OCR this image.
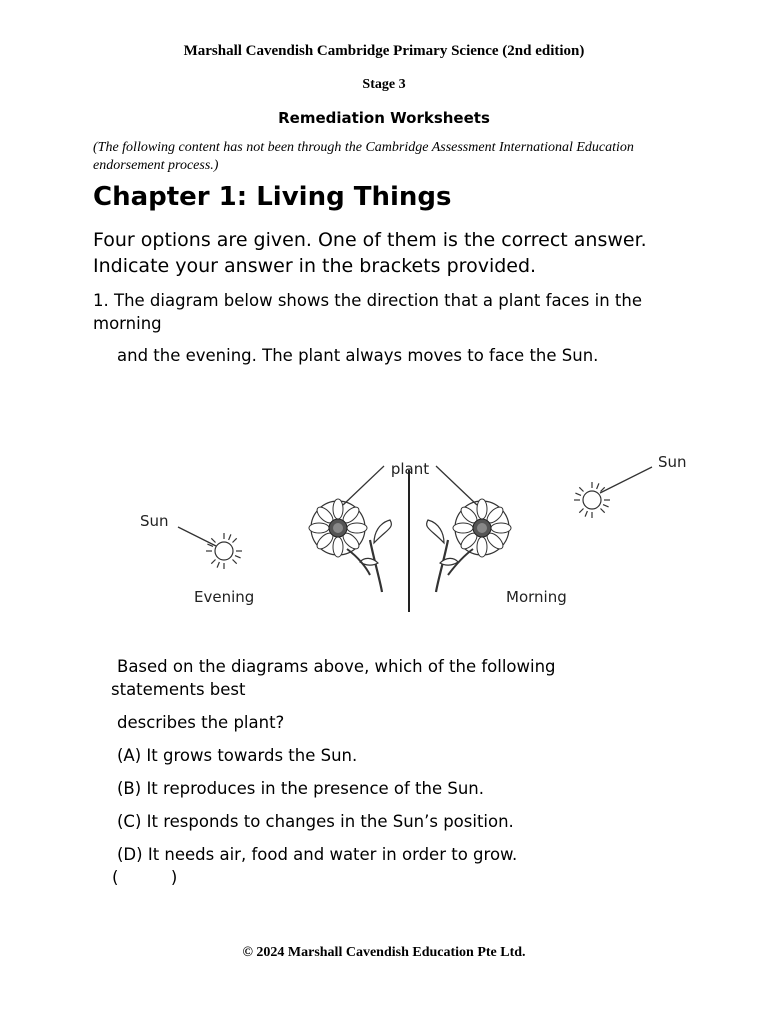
Marshall Cavendish Cambridge Primary Science (2nd edition)
Stage 3
Remediation Worksheets
(The following content has not been through the Cambridge Assessment International Education endorsement process.)
Chapter 1: Living Things
Four options are given. One of them is the correct answer. Indicate your answer in the brackets provided.
1. The diagram below shows the direction that a plant faces in the morning
and the evening. The plant always moves to face the Sun.
plant
Sun
Sun
Evening	Morning
Based on the diagrams above, which of the following statements best
describes the plant?
(A) It grows towards the Sun.
(B) It reproduces in the presence of the Sun.
(C) It responds to changes in the Sun’s position.
(D) It needs air, food and water in order to grow.
(          )
© 2024 Marshall Cavendish Education Pte Ltd.
